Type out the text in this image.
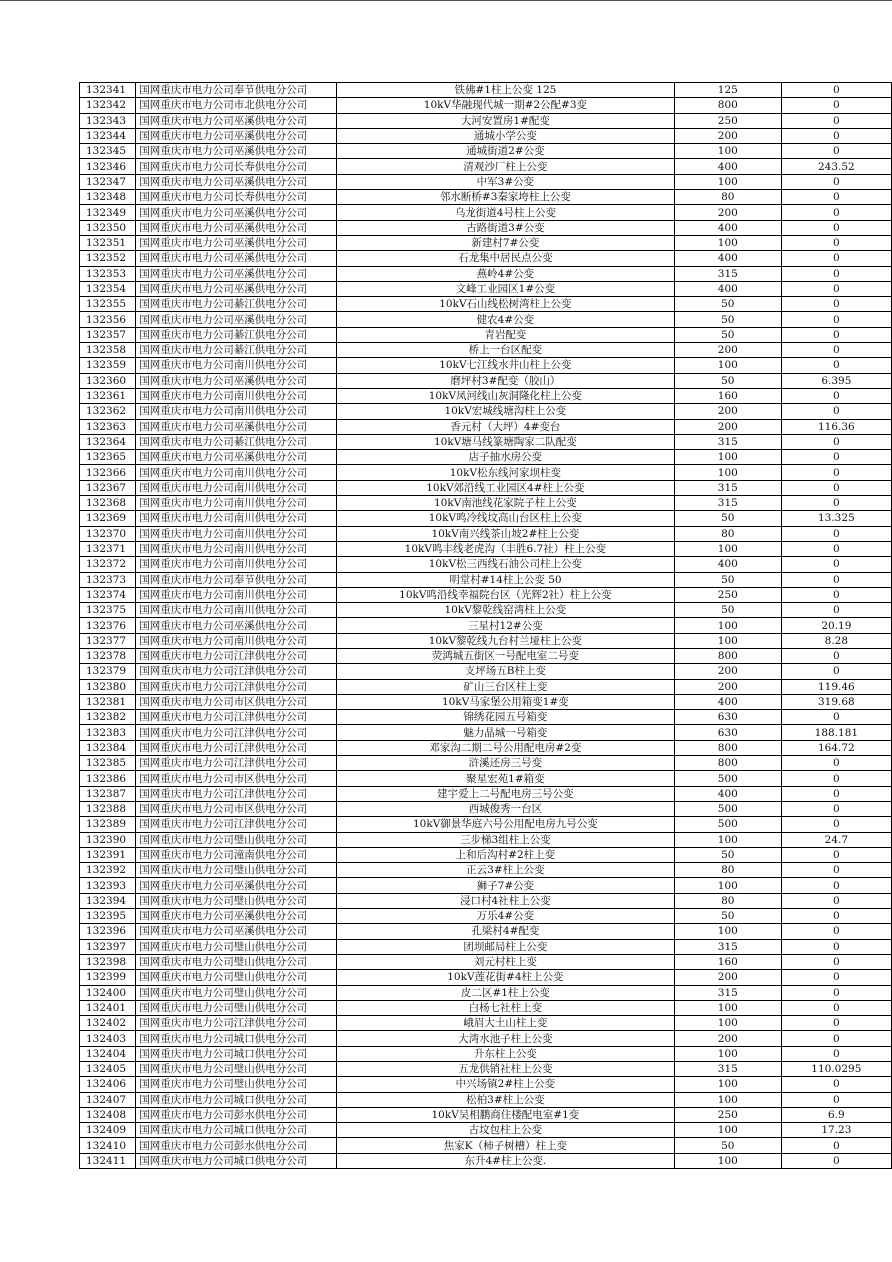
132341	国网重庆市电力公司奉节供电分公司	铁佛#1柱上公变 125	125	0
132342	国网重庆市电力公司市北供电分公司	10kV华融现代城一期#2公配#3变	800	0
132343	国网重庆市电力公司巫溪供电分公司	大河安置房1#配变	250	0
132344	国网重庆市电力公司巫溪供电分公司	通城小学公变	200	0
132345	国网重庆市电力公司巫溪供电分公司	通城街道2#公变	100	0
132346	国网重庆市电力公司长寿供电分公司	清观沙厂柱上公变	400	243.52
132347	国网重庆市电力公司巫溪供电分公司	中军3#公变	100	0
132348	国网重庆市电力公司长寿供电分公司	邻水断桥#3秦家垮柱上公变	80	0
132349	国网重庆市电力公司巫溪供电分公司	乌龙街道4号柱上公变	200	0
132350	国网重庆市电力公司巫溪供电分公司	古路街道3#公变	400	0
132351	国网重庆市电力公司巫溪供电分公司	新建村7#公变	100	0
132352	国网重庆市电力公司巫溪供电分公司	石龙集中居民点公变	400	0
132353	国网重庆市电力公司巫溪供电分公司	燕岭4#公变	315	0
132354	国网重庆市电力公司巫溪供电分公司	文峰工业园区1#公变	400	0
132355	国网重庆市电力公司綦江供电分公司	10kV石山线松树湾柱上公变	50	0
132356	国网重庆市电力公司巫溪供电分公司	健农4#公变	50	0
132357	国网重庆市电力公司綦江供电分公司	青岩配变	50	0
132358	国网重庆市电力公司綦江供电分公司	桥上一台区配变	200	0
132359	国网重庆市电力公司南川供电分公司	10kV七江线水井山柱上公变	100	0
132360	国网重庆市电力公司巫溪供电分公司	磨坪村3#配变（胶山）	50	6.395
132361	国网重庆市电力公司南川供电分公司	10kV凤河线山灰洞隆化柱上公变	160	0
132362	国网重庆市电力公司南川供电分公司	10kV宏城线塘沟柱上公变	200	0
132363	国网重庆市电力公司巫溪供电分公司	香元村（大坪）4#变台	200	116.36
132364	国网重庆市电力公司綦江供电分公司	10kV塘马线篆塘陶家二队配变	315	0
132365	国网重庆市电力公司巫溪供电分公司	店子抽水房公变	100	0
132366	国网重庆市电力公司南川供电分公司	10kV松东线河家坝柱变	100	0
132367	国网重庆市电力公司南川供电分公司	10kV郊沿线工业园区4#柱上公变	315	0
132368	国网重庆市电力公司南川供电分公司	10kV南池线花家院子柱上公变	315	0
132369	国网重庆市电力公司南川供电分公司	10kV鸣冷线坟高山台区柱上公变	50	13.325
132370	国网重庆市电力公司南川供电分公司	10kV南兴线茶山坡2#柱上公变	80	0
132371	国网重庆市电力公司南川供电分公司	10kV鸣丰线老虎沟（丰胜6.7社）柱上公变	100	0
132372	国网重庆市电力公司南川供电分公司	10kV松三西线石油公司柱上公变	400	0
132373	国网重庆市电力公司奉节供电分公司	明堂村#14柱上公变 50	50	0
132374	国网重庆市电力公司南川供电分公司	10kV鸣沿线幸福院台区（光辉2社）柱上公变	250	0
132375	国网重庆市电力公司南川供电分公司	10kV黎乾线窑湾柱上公变	50	0
132376	国网重庆市电力公司巫溪供电分公司	三星村12#公变	100	20.19
132377	国网重庆市电力公司南川供电分公司	10kV黎乾线九台村兰垭柱上公变	100	8.28
132378	国网重庆市电力公司江津供电分公司	荧鸿城五街区一号配电室二号变	800	0
132379	国网重庆市电力公司江津供电分公司	支坪场五B柱上变	200	0
132380	国网重庆市电力公司江津供电分公司	矿山三台区柱上变	200	119.46
132381	国网重庆市电力公司市区供电分公司	10kV马家堡公用箱变1#变	400	319.68
132382	国网重庆市电力公司江津供电分公司	锦绣花园五号箱变	630	0
132383	国网重庆市电力公司江津供电分公司	魅力晶城一号箱变	630	188.181
132384	国网重庆市电力公司江津供电分公司	邓家沟二期二号公用配电房#2变	800	164.72
132385	国网重庆市电力公司江津供电分公司	浒溪还房三号变	800	0
132386	国网重庆市电力公司市区供电分公司	聚星宏苑1#箱变	500	0
132387	国网重庆市电力公司江津供电分公司	建宇爱上二号配电房三号公变	400	0
132388	国网重庆市电力公司市区供电分公司	西城俊秀一台区	500	0
132389	国网重庆市电力公司江津供电分公司	10kV御景华庭六号公用配电房九号公变	500	0
132390	国网重庆市电力公司璧山供电分公司	三步梯3组柱上公变	100	24.7
132391	国网重庆市电力公司潼南供电分公司	上和后沟村#2柱上变	50	0
132392	国网重庆市电力公司璧山供电分公司	正云3#柱上公变	80	0
132393	国网重庆市电力公司巫溪供电分公司	狮子7#公变	100	0
132394	国网重庆市电力公司璧山供电分公司	浸口村4社柱上公变	80	0
132395	国网重庆市电力公司巫溪供电分公司	万乐4#公变	50	0
132396	国网重庆市电力公司巫溪供电分公司	孔梁村4#配变	100	0
132397	国网重庆市电力公司璧山供电分公司	团坝邮局柱上公变	315	0
132398	国网重庆市电力公司璧山供电分公司	刘元村柱上变	160	0
132399	国网重庆市电力公司璧山供电分公司	10kV莲花街#4柱上公变	200	0
132400	国网重庆市电力公司璧山供电分公司	皮二区#1柱上公变	315	0
132401	国网重庆市电力公司璧山供电分公司	白杨七社柱上变	100	0
132402	国网重庆市电力公司江津供电分公司	峨眉大土山柱上变	100	0
132403	国网重庆市电力公司城口供电分公司	大湾水池子柱上公变	200	0
132404	国网重庆市电力公司城口供电分公司	升东柱上公变	100	0
132405	国网重庆市电力公司璧山供电分公司	五龙供销社柱上公变	315	110.0295
132406	国网重庆市电力公司璧山供电分公司	中兴场镇2#柱上公变	100	0
132407	国网重庆市电力公司城口供电分公司	松柏3#柱上公变	100	0
132408	国网重庆市电力公司彭水供电分公司	10kV吴相鹏商住楼配电室#1变	250	6.9
132409	国网重庆市电力公司城口供电分公司	古坟包柱上公变	100	17.23
132410	国网重庆市电力公司彭水供电分公司	焦家K（柿子树槽）柱上变	50	0
132411	国网重庆市电力公司城口供电分公司	东升4#柱上公变.	100	0
